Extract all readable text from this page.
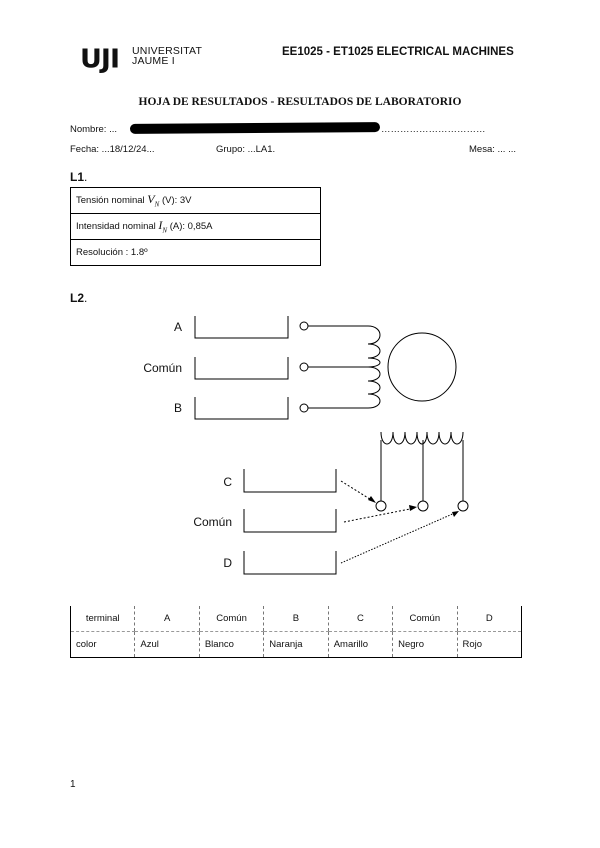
UJI UNIVERSITAT
JAUME I
EE1025 - ET1025 ELECTRICAL MACHINES
HOJA DE RESULTADOS - RESULTADOS DE LABORATORIO
Nombre: ...	……………………………
Fecha: ...18/12/24...	Grupo: ...LA1.	Mesa: ... ...
L1.
Tensión nominal $V_N$ (V): 3V
Intensidad nominal $I_N$ (A): 0,85A
Resolución : 1.8º
L2.
A
Común
B
C
Común
D
terminal	A	Común	B	C	Común	D
color	Azul	Blanco	Naranja	Amarillo	Negro	Rojo
1
